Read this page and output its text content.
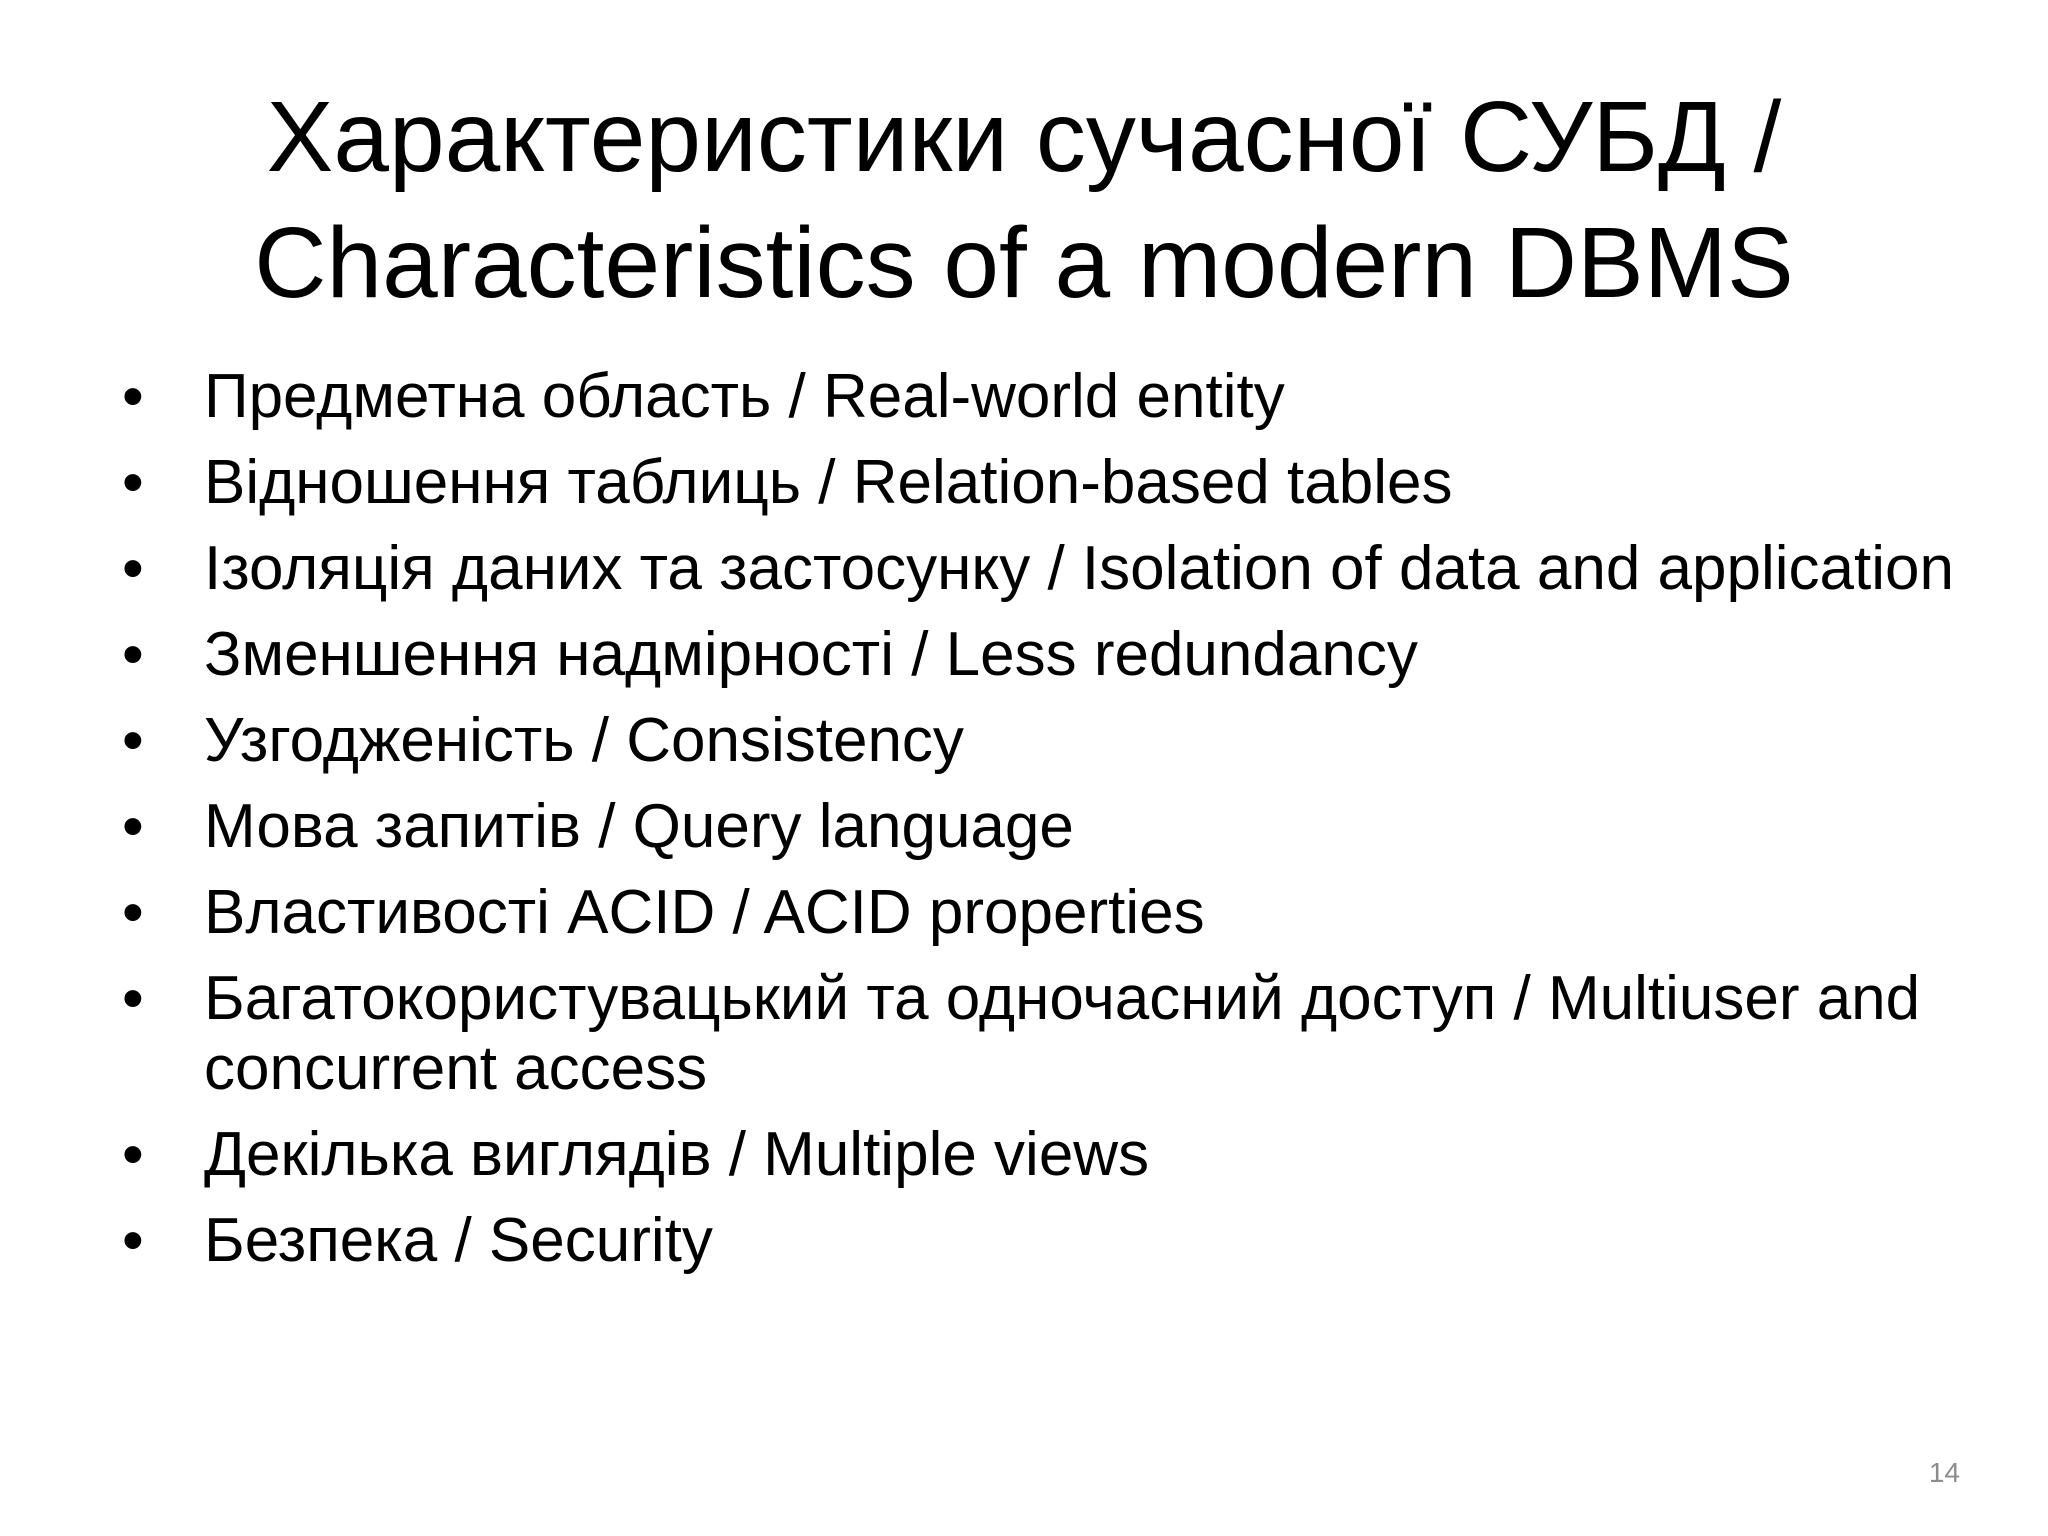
Характеристики сучасної СУБД /
Characteristics of a modern DBMS
• Предметна область / Real-world entity
• Відношення таблиць / Relation-based tables
• Ізоляція даних та застосунку / Isolation of data and application
• Зменшення надмірності / Less redundancy
• Узгодженість / Consistency
• Мова запитів / Query language
• Властивості ACID / ACID properties
• Багатокористувацький та одночасний доступ / Multiuser and concurrent access
• Декілька виглядів / Multiple views
• Безпека / Security
14
